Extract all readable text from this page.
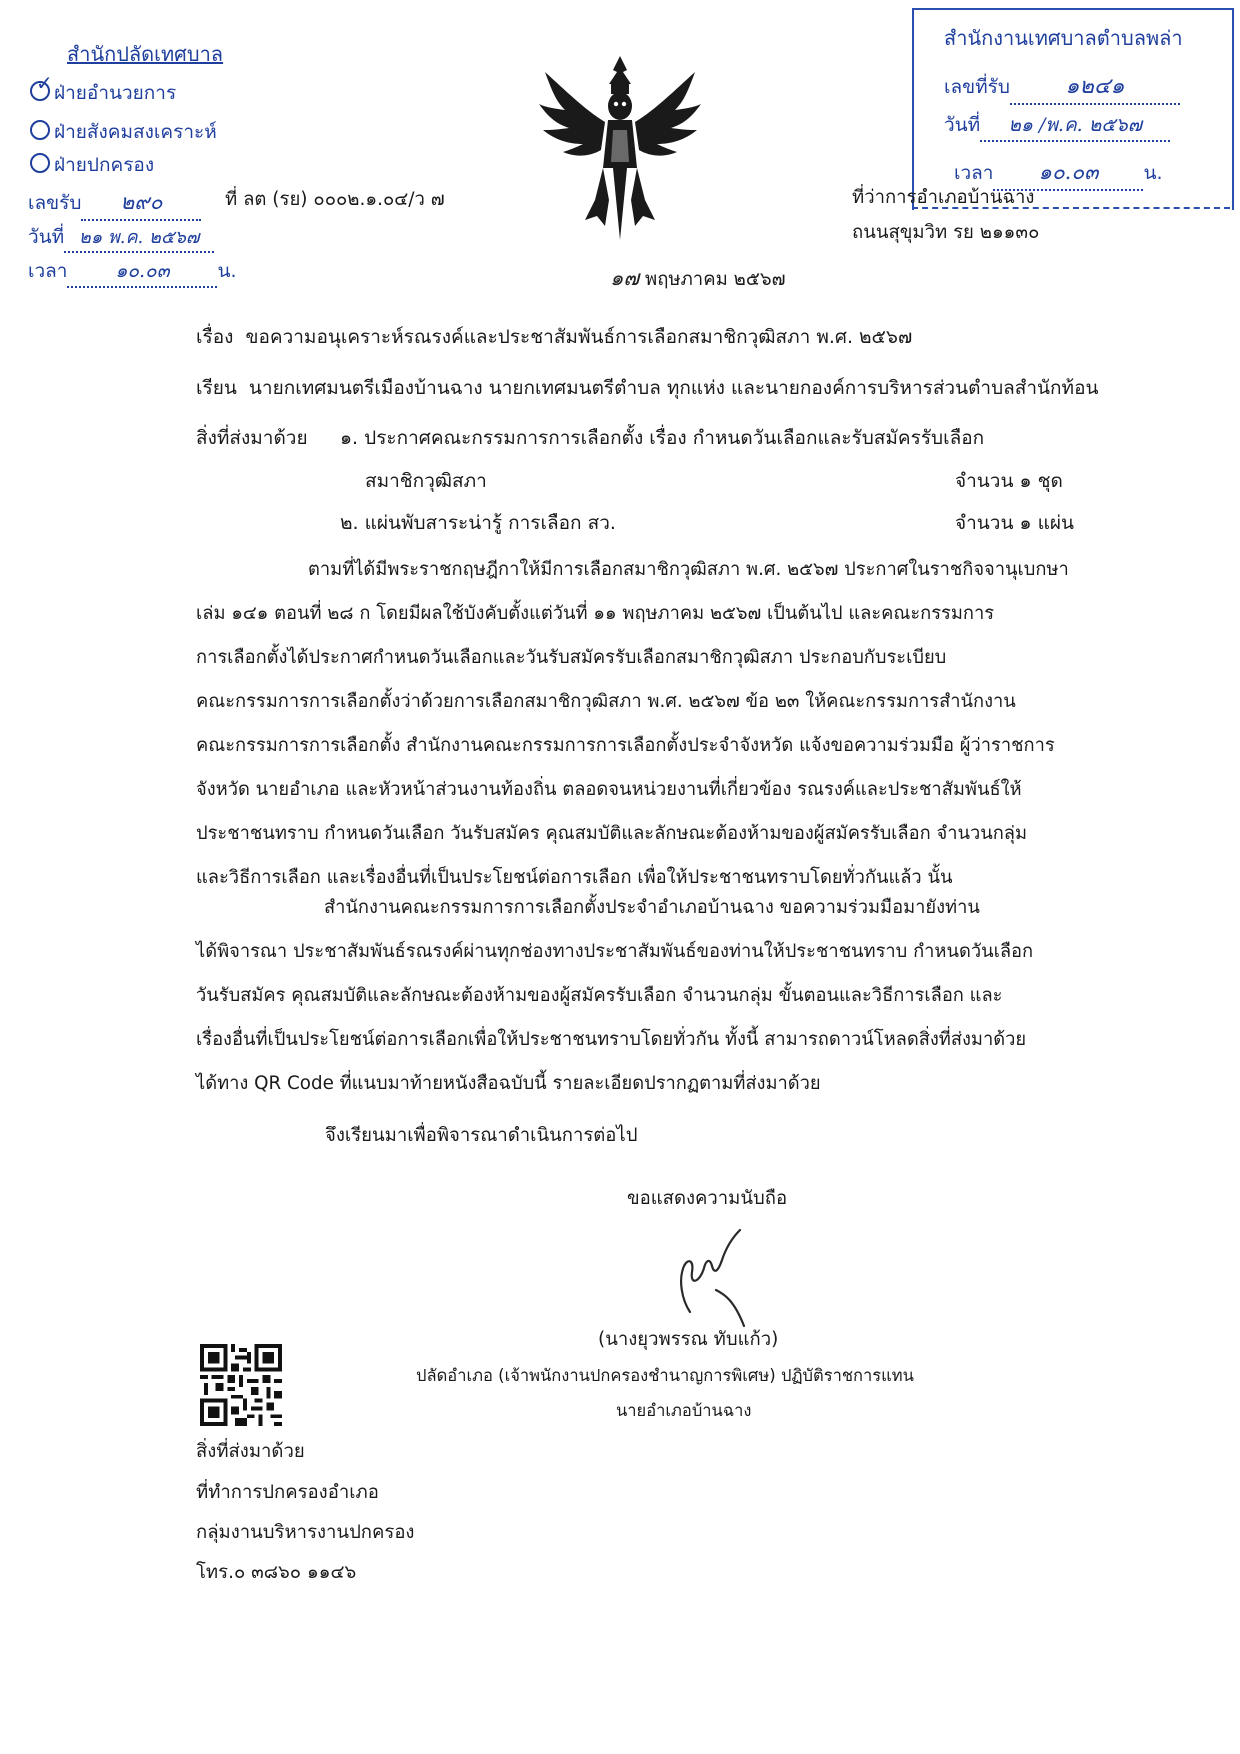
สำนักปลัดเทศบาล
✓ ฝ่ายอำนวยการ
ฝ่ายสังคมสงเคราะห์
ฝ่ายปกครอง
เลขรับ ๒๙๐
วันที่ ๒๑ พ.ค. ๒๕๖๗
เวลา	๑๐.๐๓	น.
ที่ ลต (รย) ๐๐๐๒.๑.๐๔/ว ๗
สำนักงานเทศบาลตำบลพล่า
เลขที่รับ	๑๒๔๑
วันที่ ๒๑ /พ.ค. ๒๕๖๗
เวลา ๑๐.๐๓ น.
ที่ว่าการอำเภอบ้านฉาง
ถนนสุขุมวิท รย ๒๑๑๓๐
๑๗ พฤษภาคม ๒๕๖๗
เรื่อง ขอความอนุเคราะห์รณรงค์และประชาสัมพันธ์การเลือกสมาชิกวุฒิสภา พ.ศ. ๒๕๖๗
เรียน นายกเทศมนตรีเมืองบ้านฉาง นายกเทศมนตรีตำบล ทุกแห่ง และนายกองค์การบริหารส่วนตำบลสำนักท้อน
สิ่งที่ส่งมาด้วย ๑. ประกาศคณะกรรมการการเลือกตั้ง เรื่อง กำหนดวันเลือกและรับสมัครรับเลือก
สมาชิกวุฒิสภา	จำนวน ๑ ชุด
๒. แผ่นพับสาระน่ารู้ การเลือก สว.	จำนวน ๑ แผ่น
ตามที่ได้มีพระราชกฤษฎีกาให้มีการเลือกสมาชิกวุฒิสภา พ.ศ. ๒๕๖๗ ประกาศในราชกิจจานุเบกษา
เล่ม ๑๔๑ ตอนที่ ๒๘ ก โดยมีผลใช้บังคับตั้งแต่วันที่ ๑๑ พฤษภาคม ๒๕๖๗ เป็นต้นไป และคณะกรรมการ
การเลือกตั้งได้ประกาศกำหนดวันเลือกและวันรับสมัครรับเลือกสมาชิกวุฒิสภา ประกอบกับระเบียบ
คณะกรรมการการเลือกตั้งว่าด้วยการเลือกสมาชิกวุฒิสภา พ.ศ. ๒๕๖๗ ข้อ ๒๓ ให้คณะกรรมการสำนักงาน
คณะกรรมการการเลือกตั้ง สำนักงานคณะกรรมการการเลือกตั้งประจำจังหวัด แจ้งขอความร่วมมือ ผู้ว่าราชการ
จังหวัด นายอำเภอ และหัวหน้าส่วนงานท้องถิ่น ตลอดจนหน่วยงานที่เกี่ยวข้อง รณรงค์และประชาสัมพันธ์ให้
ประชาชนทราบ กำหนดวันเลือก วันรับสมัคร คุณสมบัติและลักษณะต้องห้ามของผู้สมัครรับเลือก จำนวนกลุ่ม
และวิธีการเลือก และเรื่องอื่นที่เป็นประโยชน์ต่อการเลือก เพื่อให้ประชาชนทราบโดยทั่วกันแล้ว นั้น
สำนักงานคณะกรรมการการเลือกตั้งประจำอำเภอบ้านฉาง ขอความร่วมมือมายังท่าน
ได้พิจารณา ประชาสัมพันธ์รณรงค์ผ่านทุกช่องทางประชาสัมพันธ์ของท่านให้ประชาชนทราบ กำหนดวันเลือก
วันรับสมัคร คุณสมบัติและลักษณะต้องห้ามของผู้สมัครรับเลือก จำนวนกลุ่ม ขั้นตอนและวิธีการเลือก และ
เรื่องอื่นที่เป็นประโยชน์ต่อการเลือกเพื่อให้ประชาชนทราบโดยทั่วกัน ทั้งนี้ สามารถดาวน์โหลดสิ่งที่ส่งมาด้วย
ได้ทาง QR Code ที่แนบมาท้ายหนังสือฉบับนี้ รายละเอียดปรากฏตามที่ส่งมาด้วย
จึงเรียนมาเพื่อพิจารณาดำเนินการต่อไป
ขอแสดงความนับถือ
(นางยุวพรรณ ทับแก้ว)
ปลัดอำเภอ (เจ้าพนักงานปกครองชำนาญการพิเศษ) ปฏิบัติราชการแทน
นายอำเภอบ้านฉาง
สิ่งที่ส่งมาด้วย
ที่ทำการปกครองอำเภอ
กลุ่มงานบริหารงานปกครอง
โทร.๐ ๓๘๖๐ ๑๑๔๖
